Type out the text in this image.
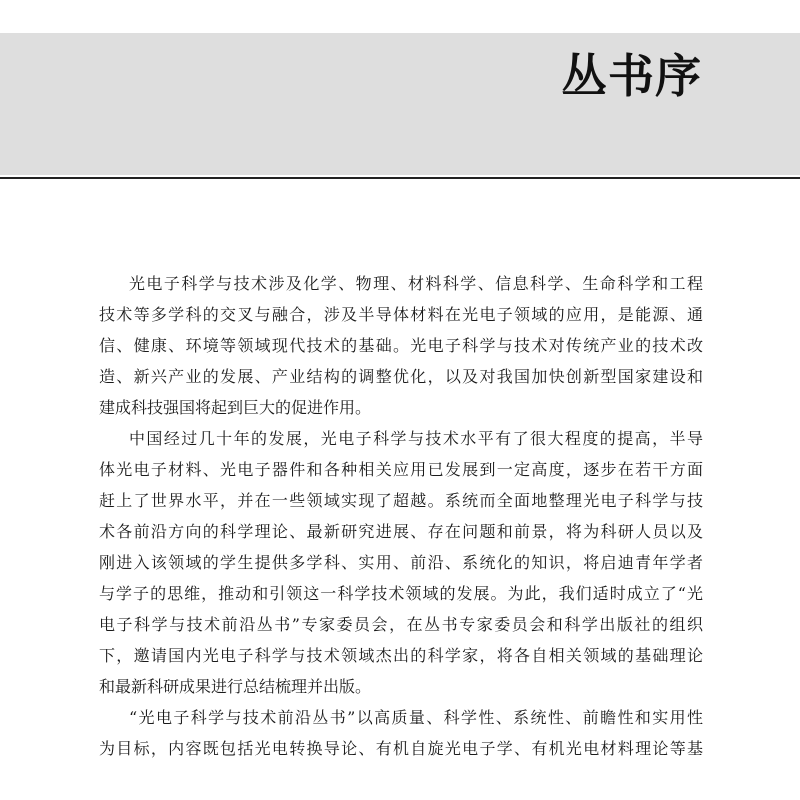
丛书序
光电子科学与技术涉及化学、物理、材料科学、信息科学、生命科学和工程
技术等多学科的交叉与融合，涉及半导体材料在光电子领域的应用，是能源、通
信、健康、环境等领域现代技术的基础。光电子科学与技术对传统产业的技术改
造、新兴产业的发展、产业结构的调整优化，以及对我国加快创新型国家建设和
建成科技强国将起到巨大的促进作用。
中国经过几十年的发展，光电子科学与技术水平有了很大程度的提高，半导
体光电子材料、光电子器件和各种相关应用已发展到一定高度，逐步在若干方面
赶上了世界水平，并在一些领域实现了超越。系统而全面地整理光电子科学与技
术各前沿方向的科学理论、最新研究进展、存在问题和前景，将为科研人员以及
刚进入该领域的学生提供多学科、实用、前沿、系统化的知识，将启迪青年学者
与学子的思维，推动和引领这一科学技术领域的发展。为此，我们适时成立了“光
电子科学与技术前沿丛书”专家委员会，在丛书专家委员会和科学出版社的组织
下，邀请国内光电子科学与技术领域杰出的科学家，将各自相关领域的基础理论
和最新科研成果进行总结梳理并出版。
“光电子科学与技术前沿丛书”以高质量、科学性、系统性、前瞻性和实用性
为目标，内容既包括光电转换导论、有机自旋光电子学、有机光电材料理论等基
